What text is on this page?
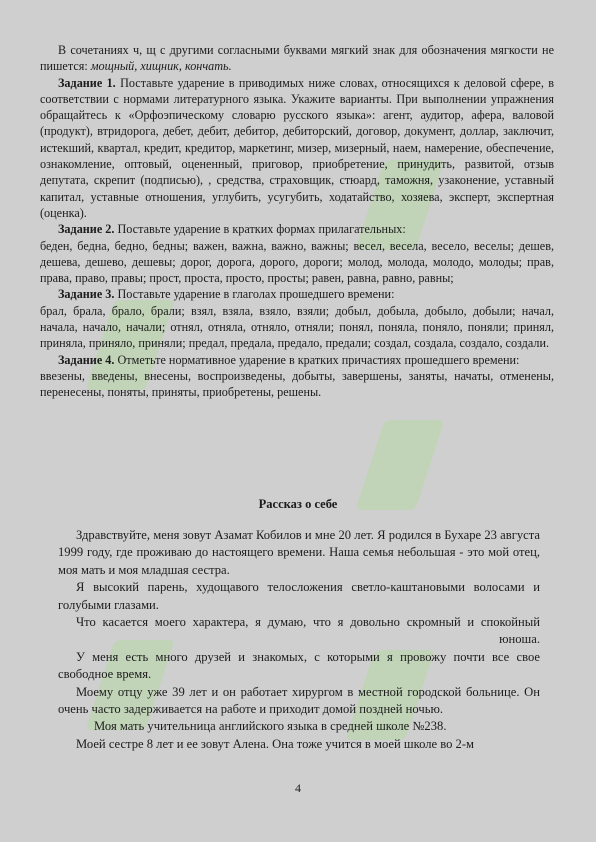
В сочетаниях ч, щ с другими согласными буквами мягкий знак для обозначения мягкости не пишется: мощный, хищник, кончать.

Задание 1. Поставьте ударение в приводимых ниже словах, относящихся к деловой сфере, в соответствии с нормами литературного языка. Укажите варианты. При выполнении упражнения обращайтесь к «Орфоэпическому словарю русского языка»: агент, аудитор, афера, валовой (продукт), втридорога, дебет, дебит, дебитор, дебиторский, договор, документ, доллар, заключит, истекший, квартал, кредит, кредитор, маркетинг, мизер, мизерный, наем, намерение, обеспечение, ознакомление, оптовый, оцененный, приговор, приобретение, принудить, развитой, отзыв депутата, скрепит (подписью), , средства, страховщик, стюард, таможня, узаконение, уставный капитал, уставные отношения, углубить, усугубить, ходатайство, хозяева, эксперт, экспертная (оценка).

Задание 2. Поставьте ударение в кратких формах прилагательных:

беден, бедна, бедно, бедны; важен, важна, важно, важны; весел, весела, весело, веселы; дешев, дешева, дешево, дешевы; дорог, дорога, дорого, дороги; молод, молода, молодо, молоды; прав, права, право, правы; прост, проста, просто, просты; равен, равна, равно, равны;

Задание 3. Поставьте ударение в глаголах прошедшего времени:

брал, брала, брало, брали; взял, взяла, взяло, взяли; добыл, добыла, добыло, добыли; начал, начала, начало, начали; отнял, отняла, отняло, отняли; понял, поняла, поняло, поняли; принял, приняла, приняло, приняли; предал, предала, предало, предали; создал, создала, создало, создали.

Задание 4. Отметьте нормативное ударение в кратких причастиях прошедшего времени:

ввезены, введены, внесены, воспроизведены, добыты, завершены, заняты, начаты, отменены, перенесены, поняты, приняты, приобретены, решены.

Рассказ о себе

Здравствуйте, меня зовут Азамат Кобилов и мне 20 лет. Я родился в Бухаре 23 августа 1999 году, где проживаю до настоящего времени. Наша семья небольшая - это мой отец, моя мать и моя младшая сестра.

Я высокий парень, худощавого телосложения светло-каштановыми волосами и голубыми глазами.

Что касается моего характера, я думаю, что я довольно скромный и спокойный

юноша.

У меня есть много друзей и знакомых, с которыми я провожу почти все свое свободное время.

Моему отцу уже 39 лет и он работает хирургом в местной городской больнице. Он очень часто задерживается на работе и приходит домой поздней ночью.

Моя мать учительница английского языка в средней школе №238.

Моей сестре 8 лет и ее зовут Алена. Она тоже учится в моей школе во 2-м

4
